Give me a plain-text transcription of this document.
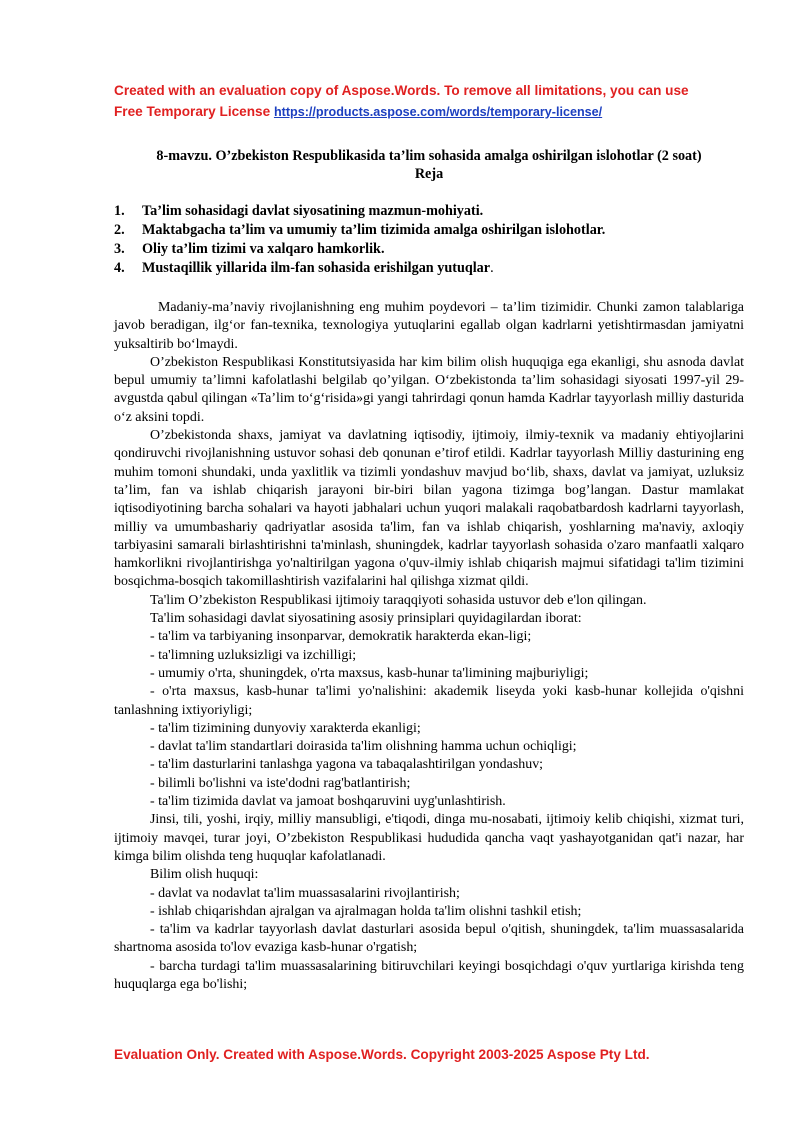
Created with an evaluation copy of Aspose.Words. To remove all limitations, you can use
Free Temporary License https://products.aspose.com/words/temporary-license/
8-mavzu. O’zbekiston Respublikasida ta’lim sohasida amalga oshirilgan islohotlar (2 soat)
Reja
1. Ta’lim sohasidagi davlat siyosatining mazmun-mohiyati.
2. Maktabgacha ta’lim va umumiy ta’lim tizimida amalga oshirilgan islohotlar.
3. Oliy ta’lim tizimi va xalqaro hamkorlik.
4. Mustaqillik yillarida ilm-fan sohasida erishilgan yutuqlar.

Madaniy-ma’naviy rivojlanishning eng muhim poydevori – ta’lim tizimidir. Chunki zamon talablariga javob beradigan, ilg‘or fan-texnika, texnologiya yutuqlarini egallab olgan kadrlarni yetishtirmasdan jamiyatni yuksaltirib bo‘lmaydi.

O’zbekiston Respublikasi Konstitutsiyasida har kim bilim olish huquqiga ega ekanligi, shu asnoda davlat bepul umumiy ta’limni kafolatlashi belgilab qo’yilgan. O‘zbekistonda ta’lim sohasidagi siyosati 1997-yil 29-avgustda qabul qilingan «Ta’lim to‘g‘risida»gi yangi tahrirdagi qonun hamda Kadrlar tayyorlash milliy dasturida o‘z aksini topdi.

O’zbekistonda shaxs, jamiyat va davlatning iqtisodiy, ijtimoiy, ilmiy-texnik va madaniy ehtiyojlarini qondiruvchi rivojlanishning ustuvor sohasi deb qonunan e’tirof etildi. Kadrlar tayyorlash Milliy dasturining eng muhim tomoni shundaki, unda yaxlitlik va tizimli yondashuv mavjud bo‘lib, shaxs, davlat va jamiyat, uzluksiz ta’lim, fan va ishlab chiqarish jarayoni bir-biri bilan yagona tizimga bog’langan. Dastur mamlakat iqtisodiyotining barcha sohalari va hayoti jabhalari uchun yuqori malakali raqobatbardosh kadrlarni tayyorlash, milliy va umumbashariy qadriyatlar asosida ta'lim, fan va ishlab chiqarish, yoshlarning ma'naviy, axloqiy tarbiyasini samarali birlashtirishni ta'minlash, shuningdek, kadrlar tayyorlash sohasida o'zaro manfaatli xalqaro hamkorlikni rivojlantirishga yo'naltirilgan yagona o'quv-ilmiy ishlab chiqarish majmui sifatidagi ta'lim tizimini bosqichma-bosqich takomillashtirish vazifalarini hal qilishga xizmat qildi.

Ta'lim O’zbekiston Respublikasi ijtimoiy taraqqiyoti sohasida ustuvor deb e'lon qilingan.

Ta'lim sohasidagi davlat siyosatining asosiy prinsiplari quyidagilardan iborat:

- ta'lim va tarbiyaning insonparvar, demokratik harakterda ekan-ligi;

- ta'limning uzluksizligi va izchilligi;

- umumiy o'rta, shuningdek, o'rta maxsus, kasb-hunar ta'limining majburiyligi;

- o'rta maxsus, kasb-hunar ta'limi yo'nalishini: akademik liseyda yoki kasb-hunar kollejida o'qishni tanlashning ixtiyoriyligi;

- ta'lim tizimining dunyoviy xarakterda ekanligi;

- davlat ta'lim standartlari doirasida ta'lim olishning hamma uchun ochiqligi;

- ta'lim dasturlarini tanlashga yagona va tabaqalashtirilgan yondashuv;

- bilimli bo'lishni va iste'dodni rag'batlantirish;

- ta'lim tizimida davlat va jamoat boshqaruvini uyg'unlashtirish.

Jinsi, tili, yoshi, irqiy, milliy mansubligi, e'tiqodi, dinga mu-nosabati, ijtimoiy kelib chiqishi, xizmat turi, ijtimoiy mavqei, turar joyi, O’zbekiston Respublikasi hududida qancha vaqt yashayotganidan qat'i nazar, har kimga bilim olishda teng huquqlar kafolatlanadi.

Bilim olish huquqi:

- davlat va nodavlat ta'lim muassasalarini rivojlantirish;

- ishlab chiqarishdan ajralgan va ajralmagan holda ta'lim olishni tashkil etish;

- ta'lim va kadrlar tayyorlash davlat dasturlari asosida bepul o'qitish, shuningdek, ta'lim muassasalarida shartnoma asosida to'lov evaziga kasb-hunar o'rgatish;

- barcha turdagi ta'lim muassasalarining bitiruvchilari keyingi bosqichdagi o'quv yurtlariga kirishda teng huquqlarga ega bo'lishi;

Evaluation Only. Created with Aspose.Words. Copyright 2003-2025 Aspose Pty Ltd.
